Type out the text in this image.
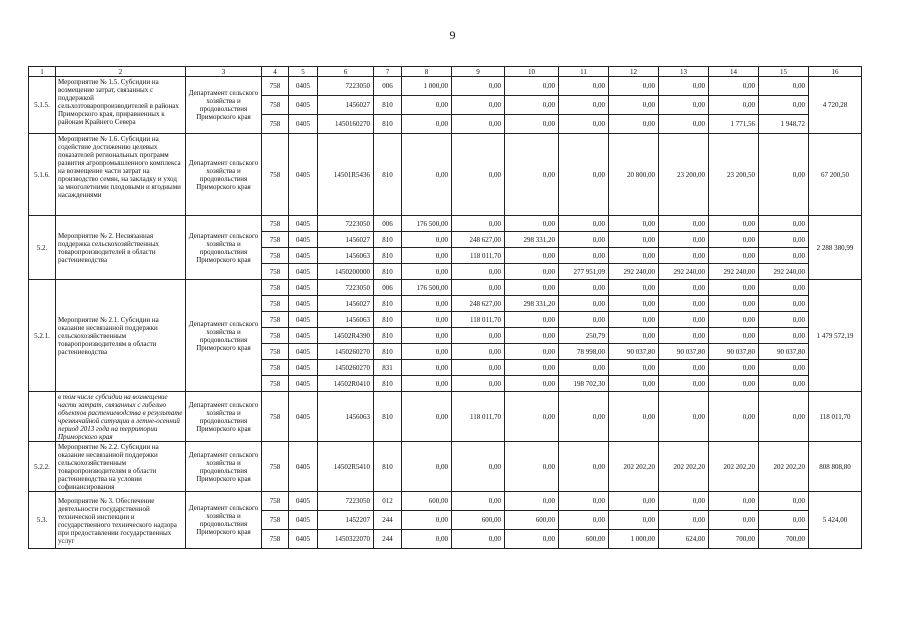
9
1	2	3	4	5	6	7	8	9	10	11	12	13	14	15	16
5.1.5.	Мероприятие № 1.5. Субсидии на возмещение затрат, связанных с поддержкой сельхозтоваропроизводителей в районах Приморского края, приравненных к районам Крайнего Севера	Департамент сельского хозяйства и продовольствия Приморского края	758	0405	7223050	006	1 000,00	0,00	0,00	0,00	0,00	0,00	0,00	0,00	4 720,28
			758	0405	1456027	810	0,00	0,00	0,00	0,00	0,00	0,00	0,00	0,00	
			758	0405	1450160270	810	0,00	0,00	0,00	0,00	0,00	0,00	1 771,56	1 948,72	
5.1.6.	Мероприятие № 1.6. Субсидии на содействие достижению целевых показателей региональных программ развития агропромышленного комплекса на возмещение части затрат на производство семян, на закладку и уход за многолетними плодовыми и ягодными насаждениями	Департамент сельского хозяйства и продовольствия Приморского края	758	0405	14501R5436	810	0,00	0,00	0,00	0,00	20 800,00	23 200,00	23 200,50	0,00	67 200,50
5.2.	Мероприятие № 2. Несвязанная поддержка сельскохозяйственных товаропроизводителей в области растениеводства	Департамент сельского хозяйства и продовольствия Приморского края	758	0405	7223050	006	176 500,00	0,00	0,00	0,00	0,00	0,00	0,00	0,00	2 288 380,99
			758	0405	1456027	810	0,00	248 627,00	298 331,20	0,00	0,00	0,00	0,00	0,00	
			758	0405	1456063	810	0,00	118 011,70	0,00	0,00	0,00	0,00	0,00	0,00	
			758	0405	1450200000	810	0,00	0,00	0,00	277 951,09	292 240,00	292 240,00	292 240,00	292 240,00	
5.2.1.	Мероприятие № 2.1. Субсидии на оказание несвязанной поддержки сельскохозяйственным товаропроизводителям в области растениеводства	Департамент сельского хозяйства и продовольствия Приморского края	758	0405	7223050	006	176 500,00	0,00	0,00	0,00	0,00	0,00	0,00	0,00	1 479 572,19
			758	0405	1456027	810	0,00	248 627,00	298 331,20	0,00	0,00	0,00	0,00	0,00	
			758	0405	1456063	810	0,00	118 011,70	0,00	0,00	0,00	0,00	0,00	0,00	
			758	0405	14502R4390	810	0,00	0,00	0,00	250,79	0,00	0,00	0,00	0,00	
			758	0405	1450260270	810	0,00	0,00	0,00	78 998,00	90 037,80	90 037,80	90 037,80	90 037,80	
			758	0405	1450260270	831	0,00	0,00	0,00	0,00	0,00	0,00	0,00	0,00	
			758	0405	14502R0410	810	0,00	0,00	0,00	198 702,30	0,00	0,00	0,00	0,00	
	в том числе субсидии на возмещение части затрат, связанных с гибелью объектов растениеводства в результате чрезвычайной ситуации в летне-осенний период 2013 года на территории Приморского края	Департамент сельского хозяйства и продовольствия Приморского края	758	0405	1456063	810	0,00	118 011,70	0,00	0,00	0,00	0,00	0,00	0,00	118 011,70
5.2.2.	Мероприятие № 2.2. Субсидии на оказание несвязанной поддержки сельскохозяйственным товаропроизводителям в области растениеводства на условии софинансирования	Департамент сельского хозяйства и продовольствия Приморского края	758	0405	14502R5410	810	0,00	0,00	0,00	0,00	202 202,20	202 202,20	202 202,20	202 202,20	808 808,80
5.3.	Мероприятие № 3. Обеспечение деятельности государственной технической инспекции и государственного технического надзора при предоставлении государственных услуг	Департамент сельского хозяйства и продовольствия Приморского края	758	0405	7223050	012	600,00	0,00	0,00	0,00	0,00	0,00	0,00	0,00	5 424,00
			758	0405	1452207	244	0,00	600,00	600,00	0,00	0,00	0,00	0,00	0,00	
			758	0405	1450322070	244	0,00	0,00	0,00	600,00	1 000,00	624,00	700,00	700,00	
